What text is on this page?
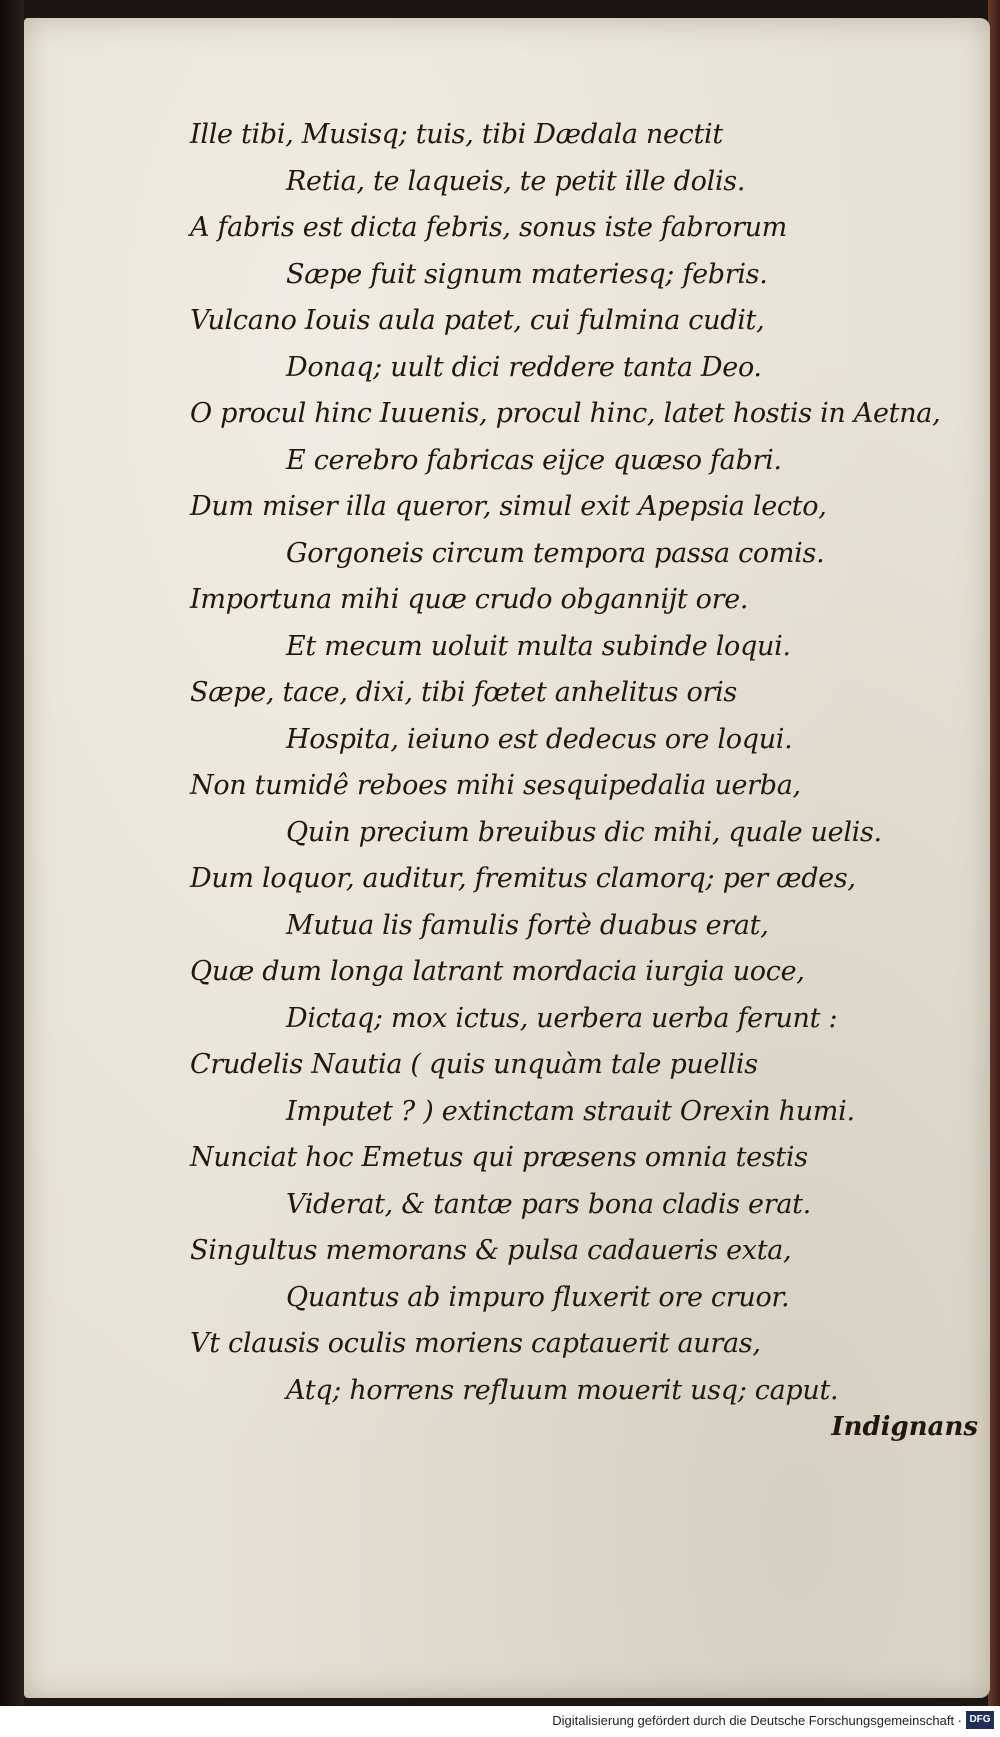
Ille tibi, Musisq; tuis, tibi Dædala nectit
Retia, te laqueis, te petit ille dolis.
A fabris est dicta febris, sonus iste fabrorum
Sæpe fuit signum materiesq; febris.
Vulcano Iouis aula patet, cui fulmina cudit,
Donaq; uult dici reddere tanta Deo.
O procul hinc Iuuenis, procul hinc, latet hostis in Aetna,
E cerebro fabricas eijce quæso fabri.
Dum miser illa queror, simul exit Apepsia lecto,
Gorgoneis circum tempora passa comis.
Importuna mihi quæ crudo obgannijt ore.
Et mecum uoluit multa subinde loqui.
Sæpe, tace, dixi, tibi fœtet anhelitus oris
Hospita, ieiuno est dedecus ore loqui.
Non tumidê reboes mihi sesquipedalia uerba,
Quin precium breuibus dic mihi, quale uelis.
Dum loquor, auditur, fremitus clamorq; per ædes,
Mutua lis famulis fortè duabus erat,
Quæ dum longa latrant mordacia iurgia uoce,
Dictaq; mox ictus, uerbera uerba ferunt :
Crudelis Nautia ( quis unquàm tale puellis
Imputet ? ) extinctam strauit Orexin humi.
Nunciat hoc Emetus qui præsens omnia testis
Viderat, & tantæ pars bona cladis erat.
Singultus memorans & pulsa cadaueris exta,
Quantus ab impuro fluxerit ore cruor.
Vt clausis oculis moriens captauerit auras,
Atq; horrens refluum mouerit usq; caput.
Indignans
Digitalisierung gefördert durch die Deutsche Forschungsgemeinschaft · DFG
